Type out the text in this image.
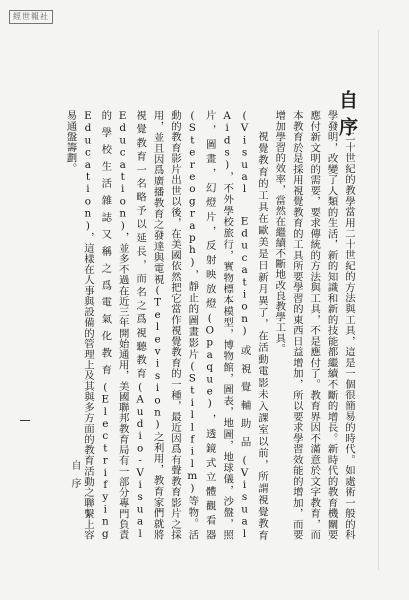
經世報社
自序

二十世紀的教學當用二十世紀的方法與工具，這是一個很簡易的時代。如處術一般的科學發明，改變了人類的生活，新的知識和新的技能都繼續不斷的增長。新時代的教育機關要應付新文明的需要，要求傳統的方法與工具，不是應付了。教育界因不滿意於文字教育，而本教育於是採用視覺教育的工具所要學習的東西日益增加，所以要求學習效能的增加，而要增加學習的效率，當然在繼續不斷地改良教學工具。

視覺教育的工具在歐美是日新月異了，在活動電影未入課室以前，所謂視覺教育(Visual Education)或視覺輔助品(Visual Aids)，不外學校旅行，實物標本模型，博物館，圖表，地圖，地球儀，沙盤，照片，圖畫，幻燈片，反射映放燈(Opaque)，透鏡式立體觀看器(Stereograph)，靜止的圖畫影片(Stillfilm)等物。活動的教育影片出世以後，在美國依然把它當作視覺教育的一種，最近因爲有聲教育影片之採用，並且因爲廣播教育之發達與電視(Television)之利用，教育家們就將視覺教育一名略予以延長，而名之爲視聽教育(Audio-Visual Education)，並多不過在近三年開始通用，美國聯邦教育局有一部分專門負責的學校生活雜誌又稱之爲電氣化教育(Electrifying Education)，這樣在人事與設備的管理上及其與多方面的教育活動之聯繫上容易通盤籌劃。

自序
